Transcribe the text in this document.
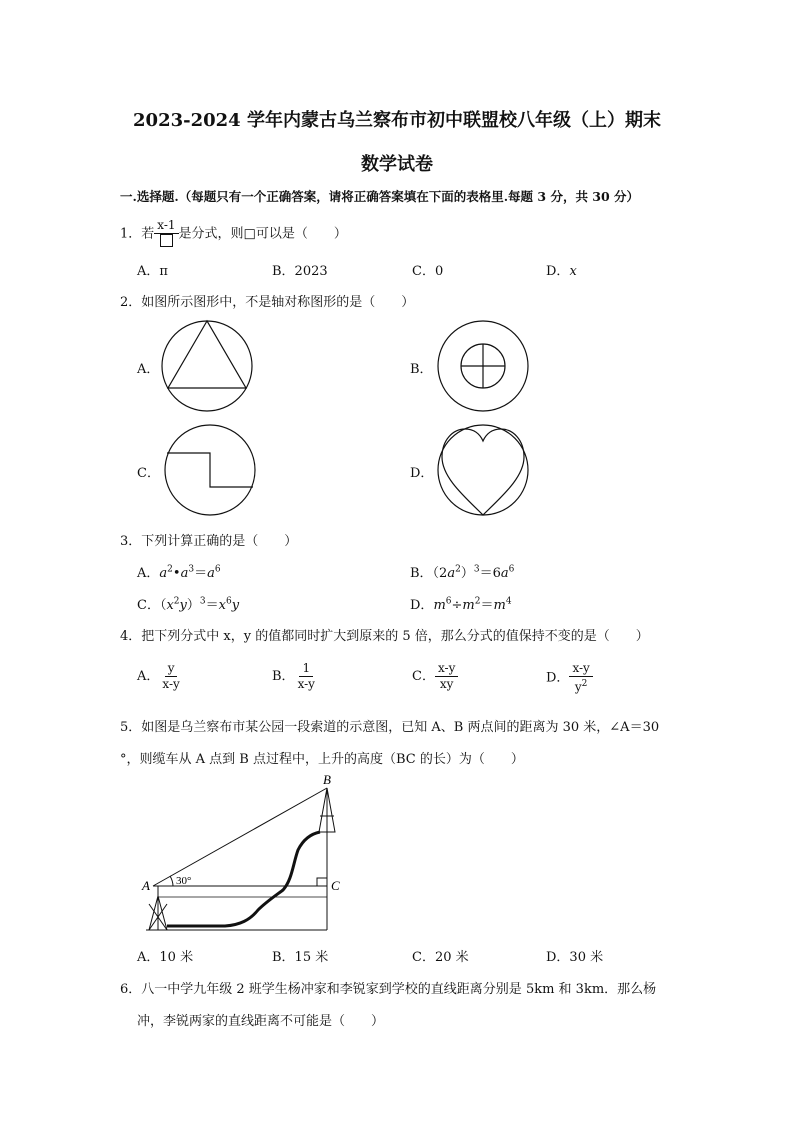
2023-2024 学年内蒙古乌兰察布市初中联盟校八年级（上）期末
数学试卷
一.选择题.（每题只有一个正确答案，请将正确答案填在下面的表格里.每题 3 分，共 30 分）
1．若
x-1
是分式，则□可以是（　　）
A．π	B．2023	C．0	D．x
2．如图所示图形中，不是轴对称图形的是（　　）
A．	B．
C．	D．
3．下列计算正确的是（　　）
A．$a^2•a^3=a^6$	B．$(2a^2)^3=6a^6$
C．$(x^2y)^3=x^6y$	D．$m^6\div m^2=m^4$
4．把下列分式中 x，y 的值都同时扩大到原来的 5 倍，那么分式的值保持不变的是（　　）
A． $\frac{y}{x-y}$	B． $\frac{1}{x-y}$	C． $\frac{x-y}{xy}$	D． $\frac{x-y}{y^2}$
5．如图是乌兰察布市某公园一段索道的示意图，已知 A、B 两点间的距离为 30 米，∠A＝30
°，则缆车从 A 点到 B 点过程中，上升的高度（BC 的长）为（　　）
B
A	C
30°
A．10 米	B．15 米	C．20 米	D．30 米
6．八一中学九年级 2 班学生杨冲家和李锐家到学校的直线距离分别是 5km 和 3km．那么杨
冲，李锐两家的直线距离不可能是（　　）
